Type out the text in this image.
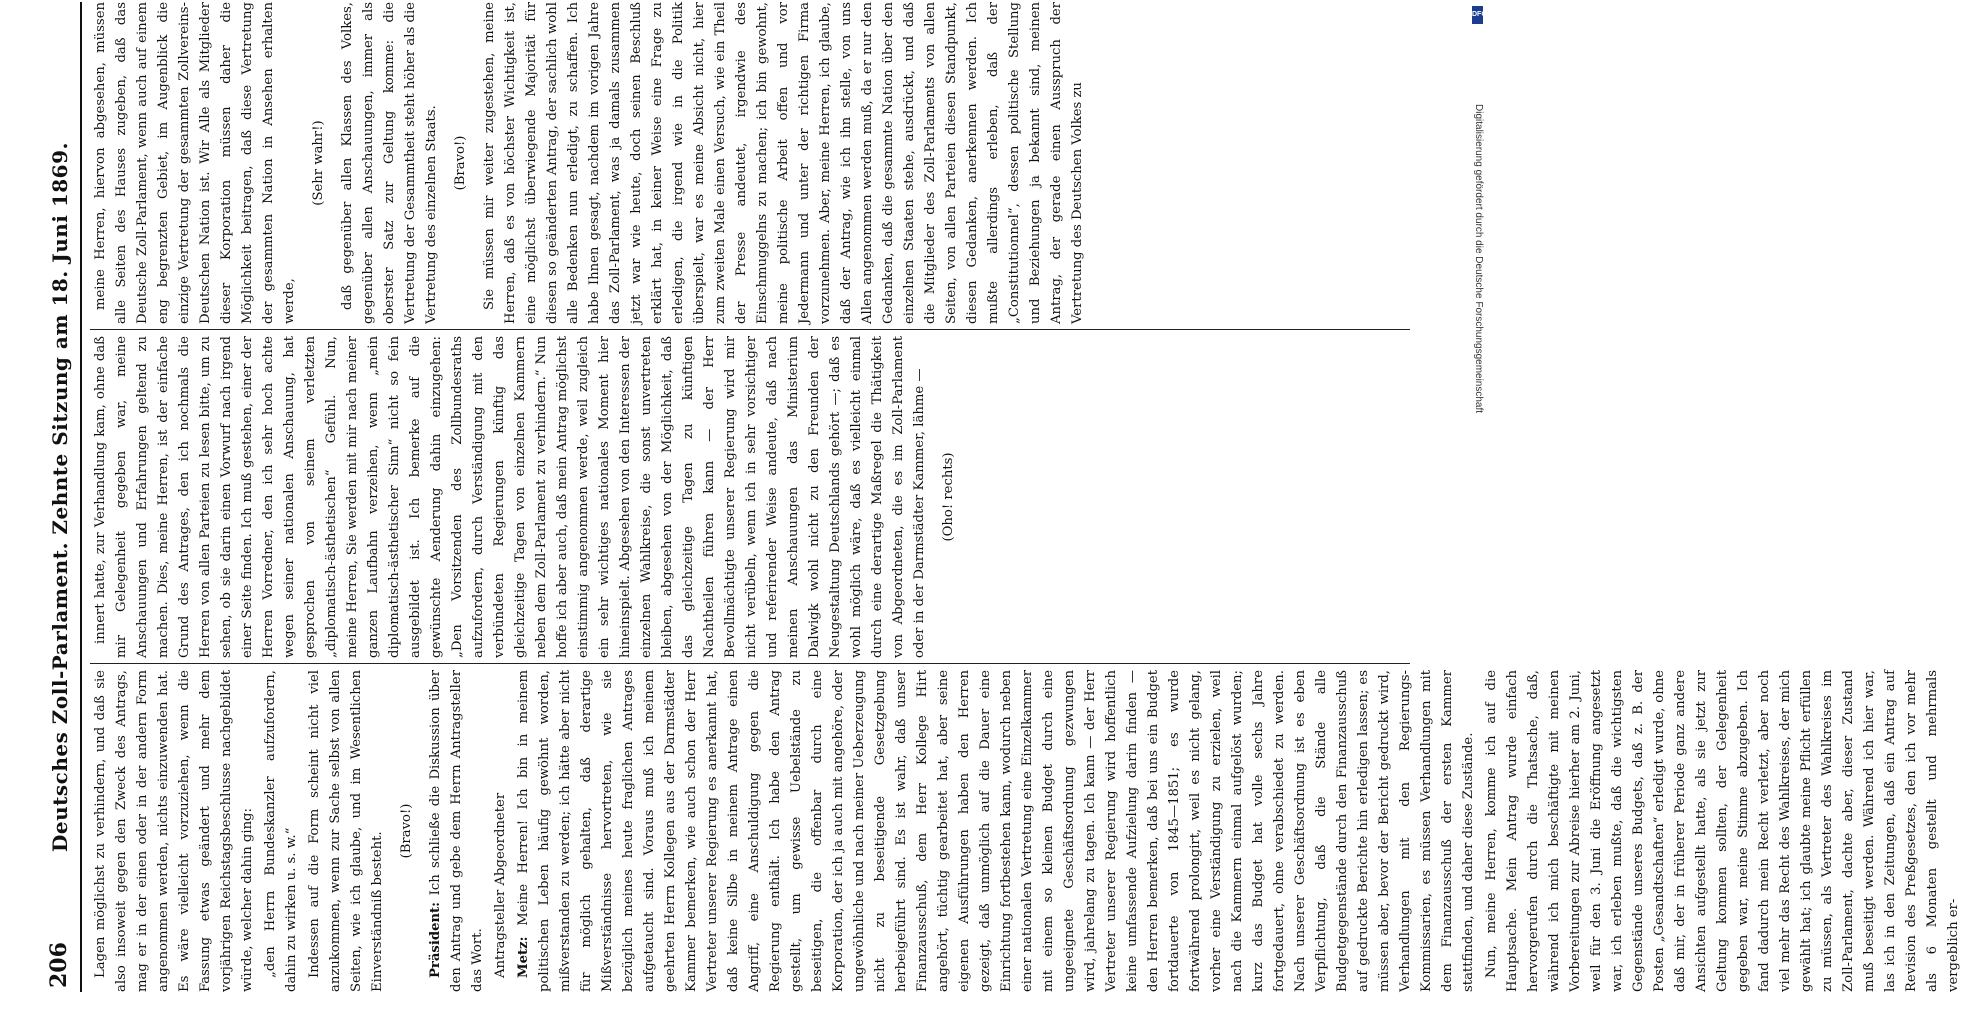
206
Deutsches Zoll-Parlament. Zehnte Sitzung am 18. Juni 1869. Lagen möglichst zu verhindern, und daß sie also insoweit gegen den Zweck des Antrags, mag er in der einen oder in der andern Form angenommen werden, nichts einzuwenden hat. Es wäre vielleicht vorzuziehen, wenn die Fassung etwas geändert und mehr dem vorjährigen Reichstagsbeschlusse nachgebildet würde, welcher dahin ging: „den Herrn Bundeskanzler aufzufordern, dahin zu wirken u. s. w.“ Indessen auf die Form scheint nicht viel anzukommen, wenn zur Sache selbst von allen Seiten, wie ich glaube, und im Wesentlichen Einverständniß besteht.
(Bravo!)
Präsident: Ich schließe die Diskussion über den Antrag und gebe dem Herrn Antragsteller das Wort. Antragsteller Abgeordneter Metz: Meine Herren! Ich bin in meinem politischen Leben häufig gewöhnt worden, mißverstanden zu werden; ich hätte aber nicht für möglich gehalten, daß derartige Mißverständnisse hervortreten, wie sie bezüglich meines heute fraglichen Antrages aufgetaucht sind. Voraus muß ich meinem geehrten Herrn Kollegen aus der Darmstädter Kammer bemerken, wie auch schon der Herr Vertreter unserer Regierung es anerkannt hat, daß keine Silbe in meinem Antrage einen Angriff, eine Anschuldigung gegen die Regierung enthält. Ich habe den Antrag gestellt, um gewisse Uebelstände zu beseitigen, die offenbar durch eine Korporation, der ich ja auch mit angehöre, oder ungewöhnliche und nach meiner Ueberzeugung nicht zu beseitigende Gesetzgebung herbeigeführt sind. Es ist wahr, daß unser Finanzausschuß, dem Herr Kollege Hirt angehört, tüchtig gearbeitet hat, aber seine eigenen Ausführungen haben den Herren gezeigt, daß unmöglich auf die Dauer eine Einrichtung fortbestehen kann, wodurch neben einer nationalen Vertretung eine Einzelkammer mit einem so kleinen Budget durch eine ungeeignete Geschäftsordnung gezwungen wird, jahrelang zu tagen. Ich kann — der Herr Vertreter unserer Regierung wird hoffentlich keine umfassende Aufzielung darin finden — den Herren bemerken, daß bei uns ein Budget fortdauerte von 1845—1851; es wurde fortwährend prolongirt, weil es nicht gelang, vorher eine Verständigung zu erzielen, weil nach die Kammern einmal aufgelöst wurden; kurz das Budget hat volle sechs Jahre fortgedauert, ohne verabschiedet zu werden. Nach unserer Geschäftsordnung ist es eben Verpflichtung, daß die Stände alle Budgetgegenstände durch den Finanzausschuß auf gedruckte Berichte hin erledigen lassen; es müssen aber, bevor der Bericht gedruckt wird, Verhandlungen mit den Regierungs-Kommissarien, es müssen Verhandlungen mit dem Finanzausschuß der ersten Kammer stattfinden, und daher diese Zustände. Nun, meine Herren, komme ich auf die Hauptsache. Mein Antrag wurde einfach hervorgerufen durch die Thatsache, daß, während ich mich beschäftigte mit meinen Vorbereitungen zur Abreise hierher am 2. Juni, weil für den 3. Juni die Eröffnung angesetzt war, ich erleben mußte, daß die wichtigsten Gegenstände unseres Budgets, daß z. B. der Posten „Gesandtschaften“ erledigt wurde, ohne daß mir, der in früherer Periode ganz andere Ansichten aufgestellt hatte, als sie jetzt zur Geltung kommen sollten, der Gelegenheit gegeben war, meine Stimme abzugeben. Ich fand dadurch mein Recht verletzt, aber noch viel mehr das Recht des Wahlkreises, der mich gewählt hat; ich glaubte meine Pflicht erfüllen zu müssen, als Vertreter des Wahlkreises im Zoll-Parlament, dachte aber, dieser Zustand muß beseitigt werden. Während ich hier war, las ich in den Zeitungen, daß ein Antrag auf Revision des Preßgesetzes, den ich vor mehr als 6 Monaten gestellt und mehrmals vergeblich er-
innert hatte, zur Verhandlung kam, ohne daß mir Gelegenheit gegeben war, meine Anschauungen und Erfahrungen geltend zu machen. Dies, meine Herren, ist der einfache Grund des Antrages, den ich nochmals die Herren von allen Parteien zu lesen bitte, um zu sehen, ob sie darin einen Vorwurf nach irgend einer Seite finden. Ich muß gestehen, einer der Herren Vorredner, den ich sehr hoch achte wegen seiner nationalen Anschauung, hat gesprochen von seinem verletzten „diplomatisch-ästhetischen“ Gefühl. Nun, meine Herren, Sie werden mit mir nach meiner ganzen Laufbahn verzeihen, wenn „mein diplomatisch-ästhetischer Sinn“ nicht so fein ausgebildet ist. Ich bemerke auf die gewünschte Aenderung dahin einzugehen: „Den Vorsitzenden des Zollbundesraths aufzufordern, durch Verständigung mit den verbündeten Regierungen künftig das gleichzeitige Tagen von einzelnen Kammern neben dem Zoll-Parlament zu verhindern.“ Nun hoffe ich aber auch, daß mein Antrag möglichst einstimmig angenommen werde, weil zugleich ein sehr wichtiges nationales Moment hier hineinspielt. Abgesehen von den Interessen der einzelnen Wahlkreise, die sonst unvertreten bleiben, abgesehen von der Möglichkeit, daß das gleichzeitige Tagen zu künftigen Nachtheilen führen kann — der Herr Bevollmächtigte unserer Regierung wird mir nicht verübeln, wenn ich in sehr vorsichtiger und referirender Weise andeute, daß nach meinen Anschauungen das Ministerium Dalwigk wohl nicht zu den Freunden der Neugestaltung Deutschlands gehört —; daß es wohl möglich wäre, daß es vielleicht einmal durch eine derartige Maßregel die Thätigkeit von Abgeordneten, die es im Zoll-Parlament oder in der Darmstädter Kammer, lähme — (Oho! rechts)
meine Herren, hiervon abgesehen, müssen alle Seiten des Hauses zugeben, daß das Deutsche Zoll-Parlament, wenn auch auf einem eng begrenzten Gebiet, im Augenblick die einzige Vertretung der gesammten Zollvereins-Deutschen Nation ist. Wir Alle als Mitglieder dieser Korporation müssen daher die Möglichkeit beitragen, daß diese Vertretung der gesammten Nation in Ansehen erhalten werde,
(Sehr wahr!) daß gegenüber allen Klassen des Volkes, gegenüber allen Anschauungen, immer als oberster Satz zur Geltung komme: die Vertretung der Gesammtheit steht höher als die Vertretung des einzelnen Staats. (Bravo!) Sie müssen mir weiter zugestehen, meine Herren, daß es von höchster Wichtigkeit ist, eine möglichst überwiegende Majorität für diesen so geänderten Antrag, der sachlich wohl alle Bedenken nun erledigt, zu schaffen. Ich habe Ihnen gesagt, nachdem im vorigen Jahre das Zoll-Parlament, was ja damals zusammen jetzt war wie heute, doch seinen Beschluß erklärt hat, in keiner Weise eine Frage zu erledigen, die irgend wie in die Politik überspielt, war es meine Absicht nicht, hier zum zweiten Male einen Versuch, wie ein Theil der Presse andeutet, irgendwie des Einschmuggelns zu machen; ich bin gewohnt, meine politische Arbeit offen und vor Jedermann und unter der richtigen Firma vorzunehmen. Aber, meine Herren, ich glaube, daß der Antrag, wie ich ihn stelle, von uns Allen angenommen werden muß, da er nur den Gedanken, daß die gesammte Nation über den einzelnen Staaten stehe, ausdrückt, und daß die Mitglieder des Zoll-Parlaments von allen Seiten, von allen Parteien diesen Standpunkt, diesen Gedanken, anerkennen werden. Ich mußte allerdings erleben, daß der „Constitutionnel“, dessen politische Stellung und Beziehungen ja bekannt sind, meinen Antrag, der gerade einen Ausspruch der Vertretung des Deutschen Volkes zu
DFG
Digitalisierung gefördert durch die Deutsche Forschungsgemeinschaft
